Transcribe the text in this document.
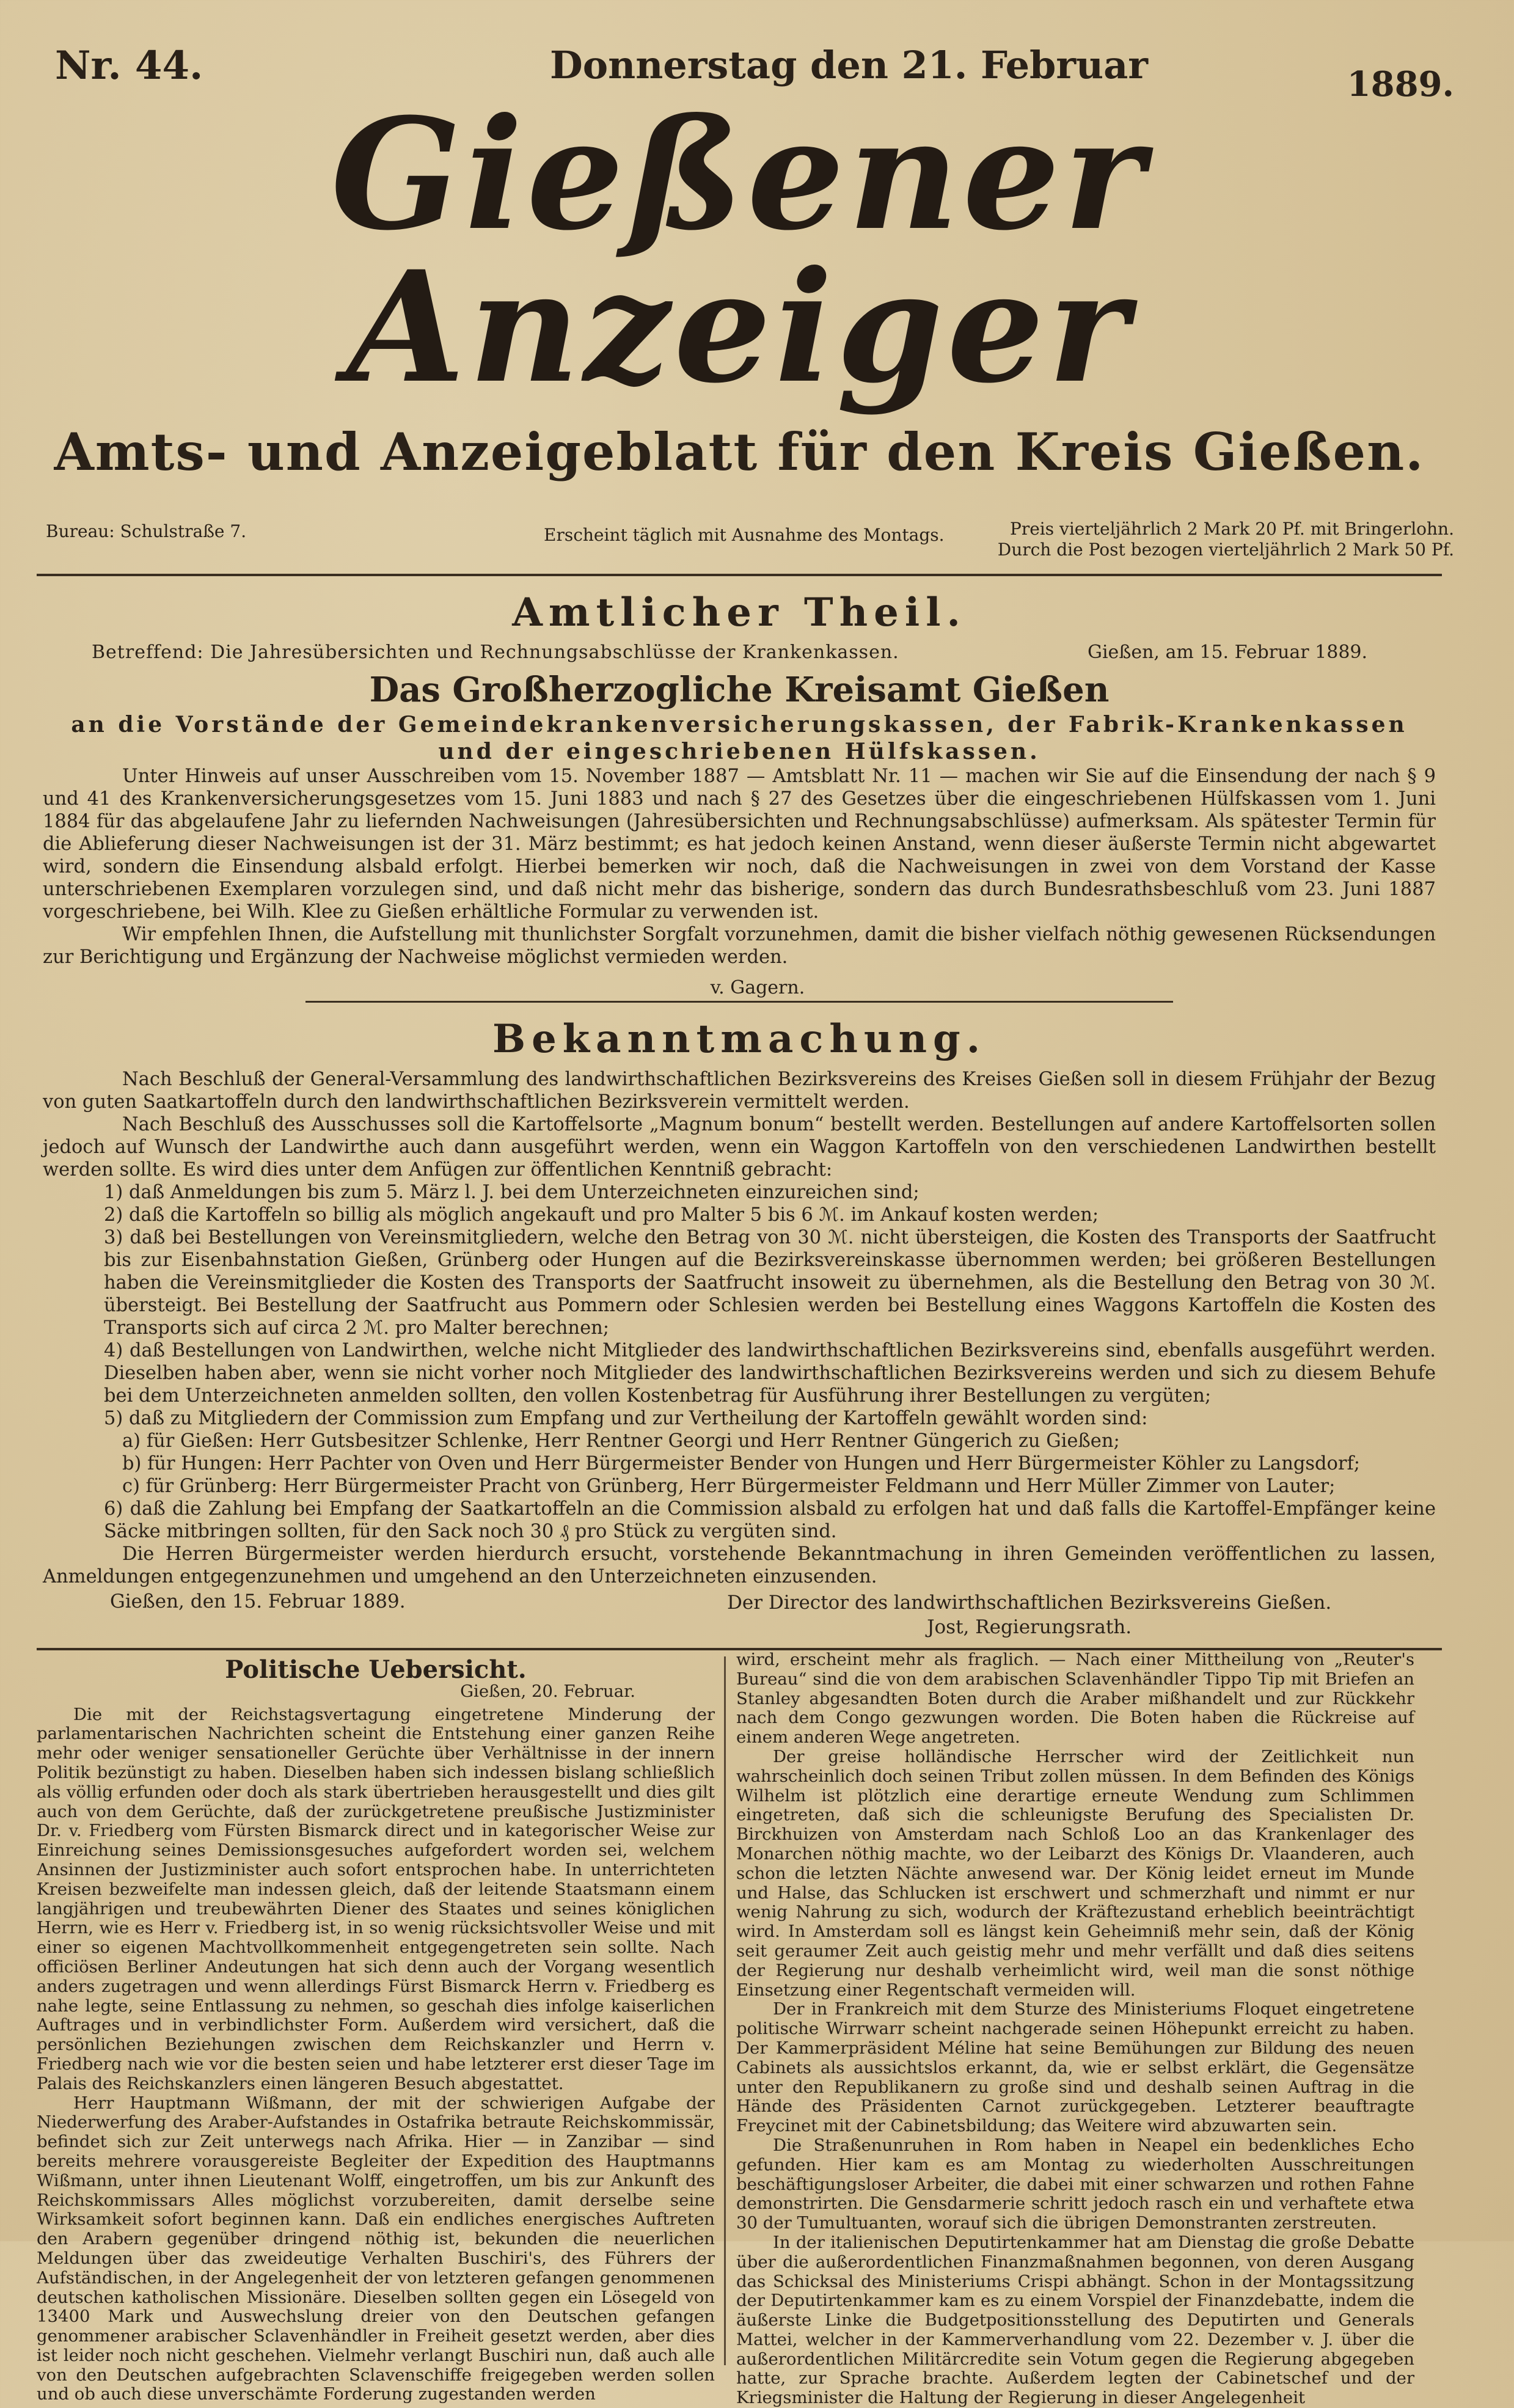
Nr. 44.	Donnerstag den 21. Februar	1889.
Gießener Anzeiger
Amts- und Anzeigeblatt für den Kreis Gießen.
Bureau: Schulstraße 7.	Erscheint täglich mit Ausnahme des Montags.	Preis vierteljährlich 2 Mark 20 Pf. mit Bringerlohn.
Durch die Post bezogen vierteljährlich 2 Mark 50 Pf.
Amtlicher Theil.
Betreffend: Die Jahresübersichten und Rechnungsabschlüsse der Krankenkassen.	Gießen, am 15. Februar 1889.
Das Großherzogliche Kreisamt Gießen
an die Vorstände der Gemeindekrankenversicherungskassen, der Fabrik-Krankenkassen
und der eingeschriebenen Hülfskassen.

Unter Hinweis auf unser Ausschreiben vom 15. November 1887 — Amtsblatt Nr. 11 — machen wir Sie auf die Einsendung der nach § 9 und 41 des Krankenversicherungsgesetzes vom 15. Juni 1883 und nach § 27 des Gesetzes über die eingeschriebenen Hülfskassen vom 1. Juni 1884 für das abgelaufene Jahr zu liefernden Nachweisungen (Jahresübersichten und Rechnungsabschlüsse) aufmerksam. Als spätester Termin für die Ablieferung dieser Nachweisungen ist der 31. März bestimmt; es hat jedoch keinen Anstand, wenn dieser äußerste Termin nicht abgewartet wird, sondern die Einsendung alsbald erfolgt. Hierbei bemerken wir noch, daß die Nachweisungen in zwei von dem Vorstand der Kasse unterschriebenen Exemplaren vorzulegen sind, und daß nicht mehr das bisherige, sondern das durch Bundesrathsbeschluß vom 23. Juni 1887 vorgeschriebene, bei Wilh. Klee zu Gießen erhältliche Formular zu verwenden ist.

Wir empfehlen Ihnen, die Aufstellung mit thunlichster Sorgfalt vorzunehmen, damit die bisher vielfach nöthig gewesenen Rücksendungen zur Berichtigung und Ergänzung der Nachweise möglichst vermieden werden.

v. Gagern.
Bekanntmachung.

Nach Beschluß der General-Versammlung des landwirthschaftlichen Bezirksvereins des Kreises Gießen soll in diesem Frühjahr der Bezug von guten Saatkartoffeln durch den landwirthschaftlichen Bezirksverein vermittelt werden.

Nach Beschluß des Ausschusses soll die Kartoffelsorte „Magnum bonum“ bestellt werden. Bestellungen auf andere Kartoffelsorten sollen jedoch auf Wunsch der Landwirthe auch dann ausgeführt werden, wenn ein Waggon Kartoffeln von den verschiedenen Landwirthen bestellt werden sollte. Es wird dies unter dem Anfügen zur öffentlichen Kenntniß gebracht:

1) daß Anmeldungen bis zum 5. März l. J. bei dem Unterzeichneten einzureichen sind;

2) daß die Kartoffeln so billig als möglich angekauft und pro Malter 5 bis 6 ℳ. im Ankauf kosten werden;

3) daß bei Bestellungen von Vereinsmitgliedern, welche den Betrag von 30 ℳ. nicht übersteigen, die Kosten des Transports der Saatfrucht bis zur Eisenbahnstation Gießen, Grünberg oder Hungen auf die Bezirksvereinskasse übernommen werden; bei größeren Bestellungen haben die Vereinsmitglieder die Kosten des Transports der Saatfrucht insoweit zu übernehmen, als die Bestellung den Betrag von 30 ℳ. übersteigt. Bei Bestellung der Saatfrucht aus Pommern oder Schlesien werden bei Bestellung eines Waggons Kartoffeln die Kosten des Transports sich auf circa 2 ℳ. pro Malter berechnen;

4) daß Bestellungen von Landwirthen, welche nicht Mitglieder des landwirthschaftlichen Bezirksvereins sind, ebenfalls ausgeführt werden. Dieselben haben aber, wenn sie nicht vorher noch Mitglieder des landwirthschaftlichen Bezirksvereins werden und sich zu diesem Behufe bei dem Unterzeichneten anmelden sollten, den vollen Kostenbetrag für Ausführung ihrer Bestellungen zu vergüten;

5) daß zu Mitgliedern der Commission zum Empfang und zur Vertheilung der Kartoffeln gewählt worden sind:

a) für Gießen: Herr Gutsbesitzer Schlenke, Herr Rentner Georgi und Herr Rentner Güngerich zu Gießen;

b) für Hungen: Herr Pachter von Oven und Herr Bürgermeister Bender von Hungen und Herr Bürgermeister Köhler zu Langsdorf;

c) für Grünberg: Herr Bürgermeister Pracht von Grünberg, Herr Bürgermeister Feldmann und Herr Müller Zimmer von Lauter;

6) daß die Zahlung bei Empfang der Saatkartoffeln an die Commission alsbald zu erfolgen hat und daß falls die Kartoffel-Empfänger keine Säcke mitbringen sollten, für den Sack noch 30 ₰ pro Stück zu vergüten sind.

Die Herren Bürgermeister werden hierdurch ersucht, vorstehende Bekanntmachung in ihren Gemeinden veröffentlichen zu lassen, Anmeldungen entgegenzunehmen und umgehend an den Unterzeichneten einzusenden.

Gießen, den 15. Februar 1889.	Der Director des landwirthschaftlichen Bezirksvereins Gießen.
Jost, Regierungsrath.
Politische Uebersicht.
Gießen, 20. Februar.

Die mit der Reichstagsvertagung eingetretene Minderung der parlamentarischen Nachrichten scheint die Entstehung einer ganzen Reihe mehr oder weniger sensationeller Gerüchte über Verhältnisse in der innern Politik bezünstigt zu haben. Dieselben haben sich indessen bislang schließlich als völlig erfunden oder doch als stark übertrieben herausgestellt und dies gilt auch von dem Gerüchte, daß der zurückgetretene preußische Justizminister Dr. v. Friedberg vom Fürsten Bismarck direct und in kategorischer Weise zur Einreichung seines Demissionsgesuches aufgefordert worden sei, welchem Ansinnen der Justizminister auch sofort entsprochen habe. In unterrichteten Kreisen bezweifelte man indessen gleich, daß der leitende Staatsmann einem langjährigen und treubewährten Diener des Staates und seines königlichen Herrn, wie es Herr v. Friedberg ist, in so wenig rücksichtsvoller Weise und mit einer so eigenen Machtvollkommenheit entgegengetreten sein sollte. Nach officiösen Berliner Andeutungen hat sich denn auch der Vorgang wesentlich anders zugetragen und wenn allerdings Fürst Bismarck Herrn v. Friedberg es nahe legte, seine Entlassung zu nehmen, so geschah dies infolge kaiserlichen Auftrages und in verbindlichster Form. Außerdem wird versichert, daß die persönlichen Beziehungen zwischen dem Reichskanzler und Herrn v. Friedberg nach wie vor die besten seien und habe letzterer erst dieser Tage im Palais des Reichskanzlers einen längeren Besuch abgestattet.

Herr Hauptmann Wißmann, der mit der schwierigen Aufgabe der Niederwerfung des Araber-Aufstandes in Ostafrika betraute Reichskommissär, befindet sich zur Zeit unterwegs nach Afrika. Hier — in Zanzibar — sind bereits mehrere vorausgereiste Begleiter der Expedition des Hauptmanns Wißmann, unter ihnen Lieutenant Wolff, eingetroffen, um bis zur Ankunft des Reichskommissars Alles möglichst vorzubereiten, damit derselbe seine Wirksamkeit sofort beginnen kann. Daß ein endliches energisches Auftreten den Arabern gegenüber dringend nöthig ist, bekunden die neuerlichen Meldungen über das zweideutige Verhalten Buschiri's, des Führers der Aufständischen, in der Angelegenheit der von letzteren gefangen genommenen deutschen katholischen Missionäre. Dieselben sollten gegen ein Lösegeld von 13400 Mark und Auswechslung dreier von den Deutschen gefangen genommener arabischer Sclavenhändler in Freiheit gesetzt werden, aber dies ist leider noch nicht geschehen. Vielmehr verlangt Buschiri nun, daß auch alle von den Deutschen aufgebrachten Sclavenschiffe freigegeben werden sollen und ob auch diese unverschämte Forderung zugestanden werden

wird, erscheint mehr als fraglich. — Nach einer Mittheilung von „Reuter's Bureau“ sind die von dem arabischen Sclavenhändler Tippo Tip mit Briefen an Stanley abgesandten Boten durch die Araber mißhandelt und zur Rückkehr nach dem Congo gezwungen worden. Die Boten haben die Rückreise auf einem anderen Wege angetreten.

Der greise holländische Herrscher wird der Zeitlichkeit nun wahrscheinlich doch seinen Tribut zollen müssen. In dem Befinden des Königs Wilhelm ist plötzlich eine derartige erneute Wendung zum Schlimmen eingetreten, daß sich die schleunigste Berufung des Specialisten Dr. Birckhuizen von Amsterdam nach Schloß Loo an das Krankenlager des Monarchen nöthig machte, wo der Leibarzt des Königs Dr. Vlaanderen, auch schon die letzten Nächte anwesend war. Der König leidet erneut im Munde und Halse, das Schlucken ist erschwert und schmerzhaft und nimmt er nur wenig Nahrung zu sich, wodurch der Kräftezustand erheblich beeinträchtigt wird. In Amsterdam soll es längst kein Geheimniß mehr sein, daß der König seit geraumer Zeit auch geistig mehr und mehr verfällt und daß dies seitens der Regierung nur deshalb verheimlicht wird, weil man die sonst nöthige Einsetzung einer Regentschaft vermeiden will.

Der in Frankreich mit dem Sturze des Ministeriums Floquet eingetretene politische Wirrwarr scheint nachgerade seinen Höhepunkt erreicht zu haben. Der Kammerpräsident Méline hat seine Bemühungen zur Bildung des neuen Cabinets als aussichtslos erkannt, da, wie er selbst erklärt, die Gegensätze unter den Republikanern zu große sind und deshalb seinen Auftrag in die Hände des Präsidenten Carnot zurückgegeben. Letzterer beauftragte Freycinet mit der Cabinetsbildung; das Weitere wird abzuwarten sein.

Die Straßenunruhen in Rom haben in Neapel ein bedenkliches Echo gefunden. Hier kam es am Montag zu wiederholten Ausschreitungen beschäftigungsloser Arbeiter, die dabei mit einer schwarzen und rothen Fahne demonstrirten. Die Gensdarmerie schritt jedoch rasch ein und verhaftete etwa 30 der Tumultuanten, worauf sich die übrigen Demonstranten zerstreuten.

In der italienischen Deputirtenkammer hat am Dienstag die große Debatte über die außerordentlichen Finanzmaßnahmen begonnen, von deren Ausgang das Schicksal des Ministeriums Crispi abhängt. Schon in der Montagssitzung der Deputirtenkammer kam es zu einem Vorspiel der Finanzdebatte, indem die äußerste Linke die Budgetpositionsstellung des Deputirten und Generals Mattei, welcher in der Kammerverhandlung vom 22. Dezember v. J. über die außerordentlichen Militärcredite sein Votum gegen die Regierung abgegeben hatte, zur Sprache brachte. Außerdem legten der Cabinetschef und der Kriegsminister die Haltung der Regierung in dieser Angelegenheit
